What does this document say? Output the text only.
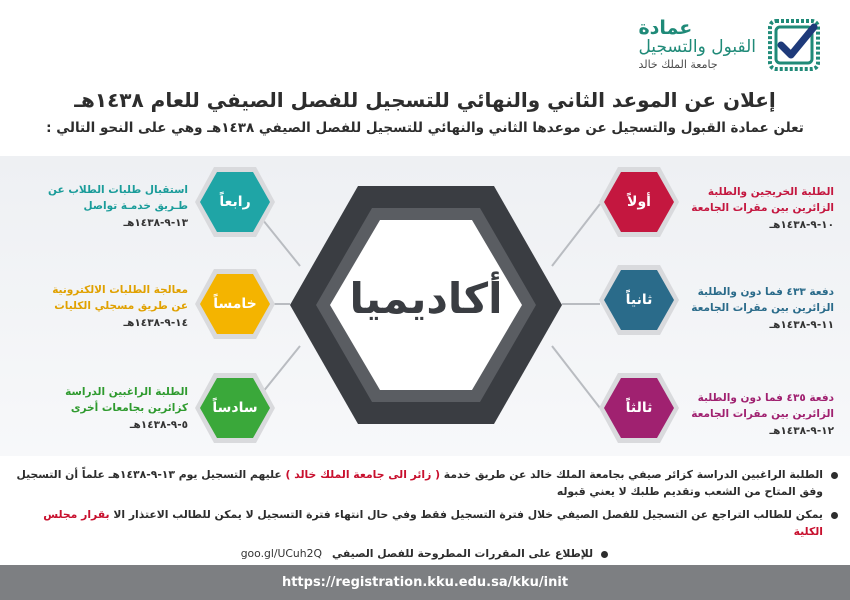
عمادة
القبول والتسجيل
جامعة الملك خالد
إعلان عن الموعد الثاني والنهائي للتسجيل للفصل الصيفي للعام ١٤٣٨هـ
تعلن عمادة القبول والتسجيل عن موعدها الثاني والنهائي للتسجيل للفصل الصيفي ١٤٣٨هـ وهي على النحو التالي :
أكاديميا
أولاً
ثانياً
ثالثاً
رابعاً
خامساً
سادساً
الطلبة الخريجين والطلبة
الزائرين بين مقرات الجامعة
١٠-٩-١٤٣٨هـ
دفعة ٤٣٣ فما دون والطلبة
الزائرين بين مقرات الجامعة
١١-٩-١٤٣٨هـ
دفعة ٤٣٥ فما دون والطلبة
الزائرين بين مقرات الجامعة
١٢-٩-١٤٣٨هـ
استقبال طلبات الطلاب عن
طـريق خدمـة تواصل
١٣-٩-١٤٣٨هـ
معالجة الطلبات الالكترونية
عن طريق مسجلي الكليات
١٤-٩-١٤٣٨هـ
الطلبة الراغبين الدراسة
كزائرين بجامعات أخرى
٥-٩-١٤٣٨هـ
الطلبة الراغبين الدراسة كزائر صيفي بجامعة الملك خالد عن طريق خدمة ( زائر الى جامعة الملك خالد ) عليهم التسجيل يوم ١٣-٩-١٤٣٨هـ علماً أن التسجيل
وفق المتاح من الشعب وتقديم طلبك لا يعني قبوله
يمكن للطالب التراجع عن التسجيل للفصل الصيفي خلال فترة التسجيل فقط وفي حال انتهاء فترة التسجيل لا يمكن للطالب الاعتذار الا بقرار مجلس الكلية
للإطلاع على المقررات المطروحة للفصل الصيفي
goo.gl/UCuh2Q
https://registration.kku.edu.sa/kku/init
